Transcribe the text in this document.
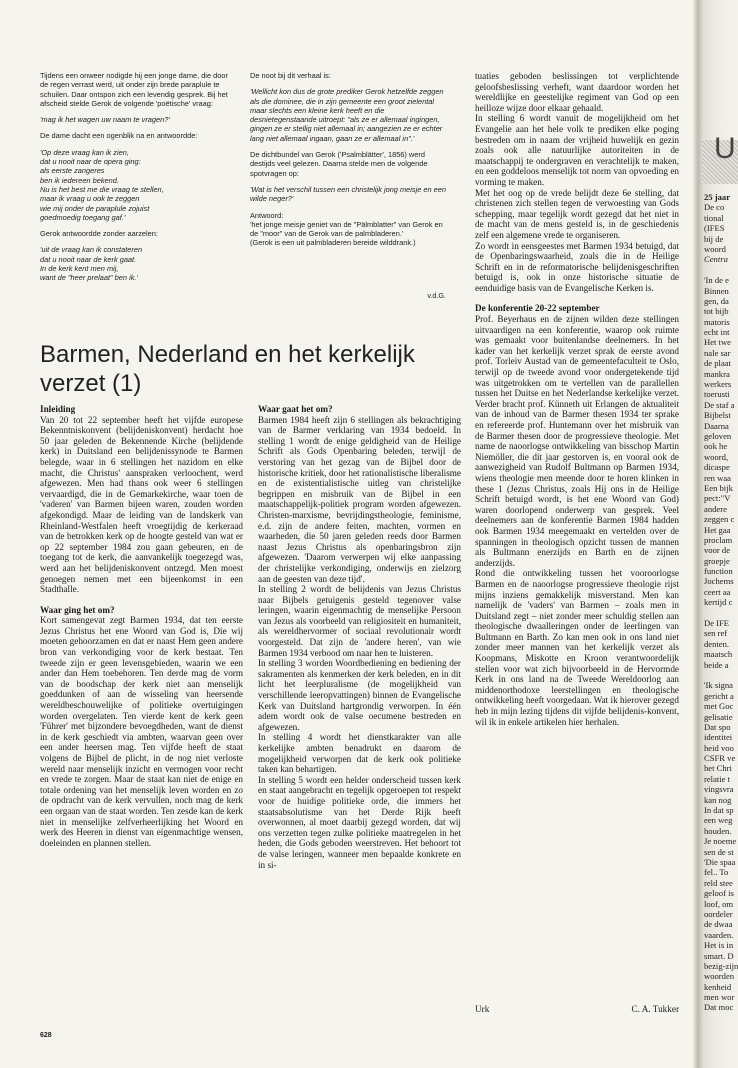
Tijdens een onweer nodigde hij een jonge dame, die door de regen verrast werd, uit onder zijn brede paraplule te schuilen. Daar ontspon zich een levendig gesprek. Bij het afscheid stelde Gerok de volgende 'poëtische' vraag:

'mag ik het wagen uw naam te vragen?'

De dame dacht een ogenblik na en antwoordde:

'Op deze vraag kan ik zien,
dat u nooit naar de opera ging:
als eerste zangeres
ben ik iedereen bekend.
Nu is het best me die vraag te stellen,
maar ik vraag u ook te zeggen
wie mij onder de paraplule zojuist
goedmoedig toegang gaf.'

Gerok antwoordde zonder aarzelen:

'uit de vraag kan ik constateren
dat u nooit naar de kerk gaat.
In de kerk kent men mij,
want de "heer prelaat" ben ik.'

De noot bij dit verhaal is:

'Wellicht kon dus de grote prediker Gerok hetzelfde zeggen als die dominee, die in zijn gemeente een groot zielental maar slechts een kleine kerk heeft en die desnietegenstaande uitroept: "als ze er allemaal ingingen, gingen ze er stellig niet allemaal in; aangezien ze er echter lang niet allemaal ingaan, gaan ze er allemaal in".'

De dichtbundel van Gerok ('Psalmblätter', 1856) werd destijds veel gelezen. Daarna stelde men de volgende spotvragen op:

'Wat is het verschil tussen een christelijk jong meisje en een wilde neger?'

Antwoord:
'het jonge meisje geniet van de "Pälmblatter" van Gerok en de "moor" van de Gerok van de palmbladeren.'
(Gerok is een uit palmbladeren bereide wilddrank.)

v.d.G.
Barmen, Nederland en het kerkelijk verzet (1)
Inleiding

Van 20 tot 22 september heeft het vijfde europese Bekenntniskonvent (belijdeniskonvent) herdacht hoe 50 jaar geleden de Bekennende Kirche (belijdende kerk) in Duitsland een belijdenissynode te Barmen belegde, waar in 6 stellingen het nazidom en elke macht, die Christus' aanspraken verloochent, werd afgewezen. Men had thans ook weer 6 stellingen vervaardigd, die in de Gemarkekirche, waar toen de 'vaderen' van Barmen bijeen waren, zouden worden afgekondigd. Maar de leiding van de landskerk van Rheinland-Westfalen heeft vroegtijdig de kerkeraad van de betrokken kerk op de hoogte gesteld van wat er op 22 september 1984 zou gaan gebeuren, en de toegang tot de kerk, die aanvankelijk toegezegd was, werd aan het belijdeniskonvent ontzegd. Men moest genoegen nemen met een bijeenkomst in een Stadthalle.

Waar ging het om?

Kort samengevat zegt Barmen 1934, dat ten eerste Jezus Christus het ene Woord van God is, Die wij moeten gehoorzamen en dat er naast Hem geen andere bron van verkondiging voor de kerk bestaat. Ten tweede zijn er geen levensgebieden, waarin we een ander dan Hem toebehoren. Ten derde mag de vorm van de boodschap der kerk niet aan menselijk goeddunken of aan de wisseling van heersende wereldbeschouwelijke of politieke overtuigingen worden overgelaten. Ten vierde kent de kerk geen 'Führer' met bijzondere bevoegdheden, want de dienst in de kerk geschiedt via ambten, waarvan geen over een ander heersen mag. Ten vijfde heeft de staat volgens de Bijbel de plicht, in de nog niet verloste wereld naar menselijk inzicht en vermogen voor recht en vrede te zorgen. Maar de staat kan niet de enige en totale ordening van het menselijk leven worden en zo de opdracht van de kerk vervullen, noch mag de kerk een orgaan van de staat worden. Ten zesde kan de kerk niet in menselijke zelfverheerlijking het Woord en werk des Heeren in dienst van eigenmachtige wensen, doeleinden en plannen stellen.

Waar gaat het om?

Barmen 1984 heeft zijn 6 stellingen als bekrachtiging van de Barmer verklaring van 1934 bedoeld. In stelling 1 wordt de enige geldigheid van de Heilige Schrift als Gods Openbaring beleden, terwijl de verstoring van het gezag van de Bijbel door de historische kritiek, door het rationalistische liberalisme en de existentialistische uitleg van christelijke begrippen en misbruik van de Bijbel in een maatschappelijk-politiek program worden afgewezen. Christen-marxisme, bevrijdingstheologie, feminisme, e.d. zijn de andere feiten, machten, vormen en waarheden, die 50 jaren geleden reeds door Barmen naast Jezus Christus als openbaringsbron zijn afgewezen. 'Daarom verwerpen wij elke aanpassing der christelijke verkondiging, onderwijs en zielzorg aan de geesten van deze tijd'.

In stelling 2 wordt de belijdenis van Jezus Christus naar Bijbels getuigenis gesteld tegenover valse leringen, waarin eigenmachtig de menselijke Persoon van Jezus als voorbeeld van religiositeit en humaniteit, als wereldhervormer of sociaal revolutionair wordt voorgesteld. Dat zijn de 'andere heren', van wie Barmen 1934 verbood om naar hen te luisteren.

In stelling 3 worden Woordbediening en bediening der sakramenten als kenmerken der kerk beleden, en in dit licht het leerpluralisme (de mogelijkheid van verschillende leeropvattingen) binnen de Evangelische Kerk van Duitsland hartgrondig verworpen. In één adem wordt ook de valse oecumene bestreden en afgewezen.

In stelling 4 wordt het dienstkarakter van alle kerkelijke ambten benadrukt en daarom de mogelijkheid verworpen dat de kerk ook politieke taken kan behartigen.

In stelling 5 wordt een helder onderscheid tussen kerk en staat aangebracht en tegelijk opgeroepen tot respekt voor de huidige politieke orde, die immers het staatsabsolutisme van het Derde Rijk heeft overwonnen, al moet daarbij gezegd worden, dat wij ons verzetten tegen zulke politieke maatregelen in het heden, die Gods geboden weerstreven. Het behoort tot de valse leringen, wanneer men bepaalde konkrete en in si-

tuaties geboden beslissingen tot verplichtende geloofsbeslissing verheft, want daardoor worden het wereldlijke en geestelijke regiment van God op een heilloze wijze door elkaar gehaald.

In stelling 6 wordt vanuit de mogelijkheid om het Evangelie aan het hele volk te prediken elke poging bestreden om in naam der vrijheid huwelijk en gezin zoals ook alle natuurlijke autoriteiten in de maatschappij te ondergraven en verachtelijk te maken, en een goddeloos menselijk tot norm van opvoeding en vorming te maken.

Met het oog op de vrede belijdt deze 6e stelling, dat christenen zich stellen tegen de verwoesting van Gods schepping, maar tegelijk wordt gezegd dat het niet in de macht van de mens gesteld is, in de geschiedenis zelf een algemene vrede te organiseren.

Zo wordt in eensgeestes met Barmen 1934 betuigd, dat de Openbaringswaarheid, zoals die in de Heilige Schrift en in de reformatorische belijdenisgeschriften betuigd is, ook in onze historische situatie de eenduidige basis van de Evangelische Kerken is.

De konferentie 20-22 september

Prof. Beyerhaus en de zijnen wilden deze stellingen uitvaardigen na een konferentie, waarop ook ruimte was gemaakt voor buitenlandse deelnemers. In het kader van het kerkelijk verzet sprak de eerste avond prof. Torleiv Austad van de gemeentefaculteit te Oslo, terwijl op de tweede avond voor ondergetekende tijd was uitgetrokken om te vertellen van de parallellen tussen het Duitse en het Nederlandse kerkelijke verzet. Verder bracht prof. Künneth uit Erlangen de aktualiteit van de inhoud van de Barmer thesen 1934 ter sprake en refereerde prof. Huntemann over het misbruik van de Barmer thesen door de progressieve theologie. Met name de naoorlogse ontwikkeling van bisschop Martin Niemöller, die dit jaar gestorven is, en vooral ook de aanwezigheid van Rudolf Bultmann op Barmen 1934, wiens theologie men meende door te horen klinken in these 1 (Jezus Christus, zoals Hij ons in de Heilige Schrift betuigd wordt, is het ene Woord van God) waren doorlopend onderwerp van gesprek. Veel deelnemers aan de konferentie Barmen 1984 hadden ook Barmen 1934 meegemaakt en vertelden over de spanningen in theologisch opzicht tussen de mannen als Bultmann enerzijds en Barth en de zijnen anderzijds.

Rond die ontwikkeling tussen het vooroorlogse Barmen en de naoorlogse progressieve theologie rijst mijns inziens gemakkelijk misverstand. Men kan namelijk de 'vaders' van Barmen – zoals men in Duitsland zegt – niet zonder meer schuldig stellen aan theologische dwaalleringen onder de leerlingen van Bultmann en Barth. Zo kan men ook in ons land niet zonder meer mannen van het kerkelijk verzet als Koopmans, Miskotte en Kroon verantwoordelijk stellen voor wat zich bijvoorbeeld in de Hervormde Kerk in ons land na de Tweede Wereldoorlog aan middenorthodoxe leerstellingen en theologische ontwikkeling heeft voorgedaan. Wat ik hierover gezegd heb in mijn lezing tijdens dit vijfde belijdenis-konvent, wil ik in enkele artikelen hier herhalen.

Urk	C. A. Tukker
628
U
25 jaar
De co
tional
(IFES
bij de
woord
Centra
'In de e
Binnen
gen, da
tot bijb
matoris
echt int
Het twe
nale sar
de plaat
mankra
werkers
toerusti
De staf a
Bijbelst
Daarna
geloven
ook he
woord,
dicaspe
ren waa
Een bijk
pect:"V
andere
zeggen c
Het gaa
proclam
voor de
groepje
function
Jochems
ceert aa
kertijd c
De IFE
sen ref
denten.
maatsch
beide a
'Ik signa
gericht a
met Goc
gelisatie
Dat spo
identitei
heid voo
CSFR ve
het Chri
relatie t
vingsvra
kan nog
In dat sp
een weg
houden.
Je noeme
sen de st
'Die spaa
fel.. To
reld stee
geloof is
loof, om
oordeler
de dwaa
vaarden.
Het is in
smart. D
bezig-zijn
woorden
kenheid
men wor
Dat moc
